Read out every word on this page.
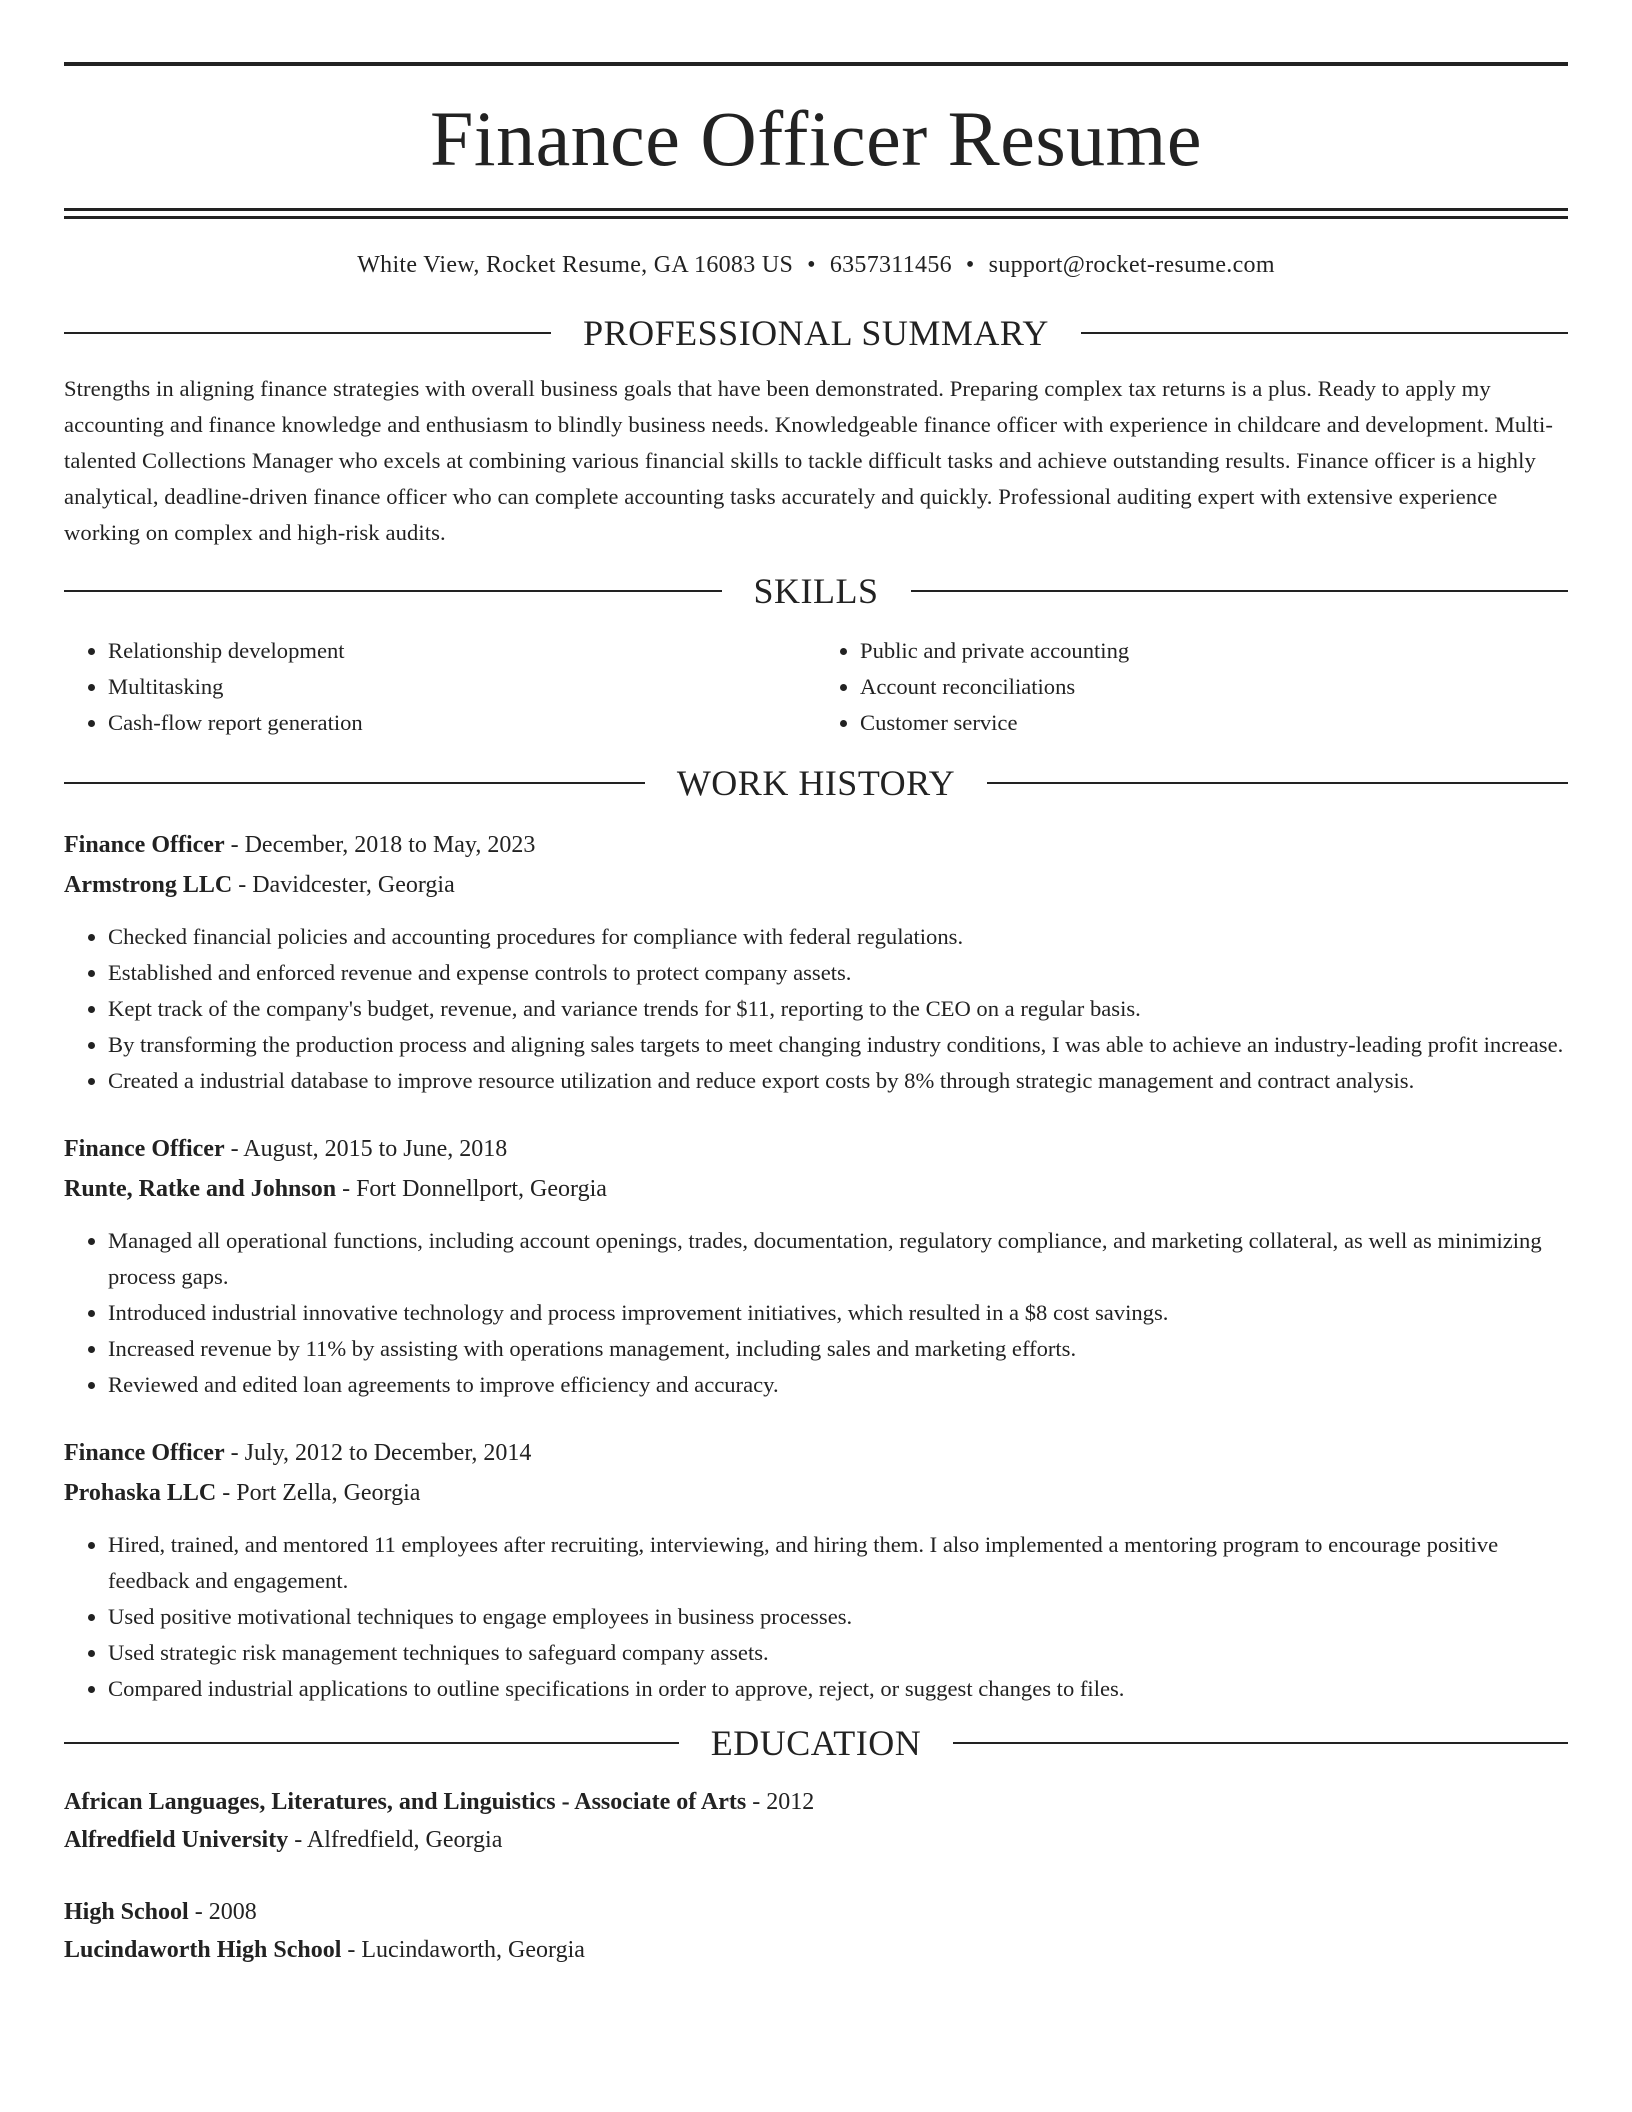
Finance Officer Resume
White View, Rocket Resume, GA 16083 US • 6357311456 • support@rocket-resume.com
PROFESSIONAL SUMMARY
Strengths in aligning finance strategies with overall business goals that have been demonstrated. Preparing complex tax returns is a plus. Ready to apply my accounting and finance knowledge and enthusiasm to blindly business needs. Knowledgeable finance officer with experience in childcare and development. Multi-talented Collections Manager who excels at combining various financial skills to tackle difficult tasks and achieve outstanding results. Finance officer is a highly analytical, deadline-driven finance officer who can complete accounting tasks accurately and quickly. Professional auditing expert with extensive experience working on complex and high-risk audits.
SKILLS
• Relationship development
• Multitasking
• Cash-flow report generation
• Public and private accounting
• Account reconciliations
• Customer service
WORK HISTORY
Finance Officer - December, 2018 to May, 2023
Armstrong LLC - Davidcester, Georgia
• Checked financial policies and accounting procedures for compliance with federal regulations.
• Established and enforced revenue and expense controls to protect company assets.
• Kept track of the company's budget, revenue, and variance trends for $11, reporting to the CEO on a regular basis.
• By transforming the production process and aligning sales targets to meet changing industry conditions, I was able to achieve an industry-leading profit increase.
• Created a industrial database to improve resource utilization and reduce export costs by 8% through strategic management and contract analysis.
Finance Officer - August, 2015 to June, 2018
Runte, Ratke and Johnson - Fort Donnellport, Georgia
• Managed all operational functions, including account openings, trades, documentation, regulatory compliance, and marketing collateral, as well as minimizing process gaps.
• Introduced industrial innovative technology and process improvement initiatives, which resulted in a $8 cost savings.
• Increased revenue by 11% by assisting with operations management, including sales and marketing efforts.
• Reviewed and edited loan agreements to improve efficiency and accuracy.
Finance Officer - July, 2012 to December, 2014
Prohaska LLC - Port Zella, Georgia
• Hired, trained, and mentored 11 employees after recruiting, interviewing, and hiring them. I also implemented a mentoring program to encourage positive feedback and engagement.
• Used positive motivational techniques to engage employees in business processes.
• Used strategic risk management techniques to safeguard company assets.
• Compared industrial applications to outline specifications in order to approve, reject, or suggest changes to files.
EDUCATION
African Languages, Literatures, and Linguistics - Associate of Arts - 2012
Alfredfield University - Alfredfield, Georgia
High School - 2008
Lucindaworth High School - Lucindaworth, Georgia
